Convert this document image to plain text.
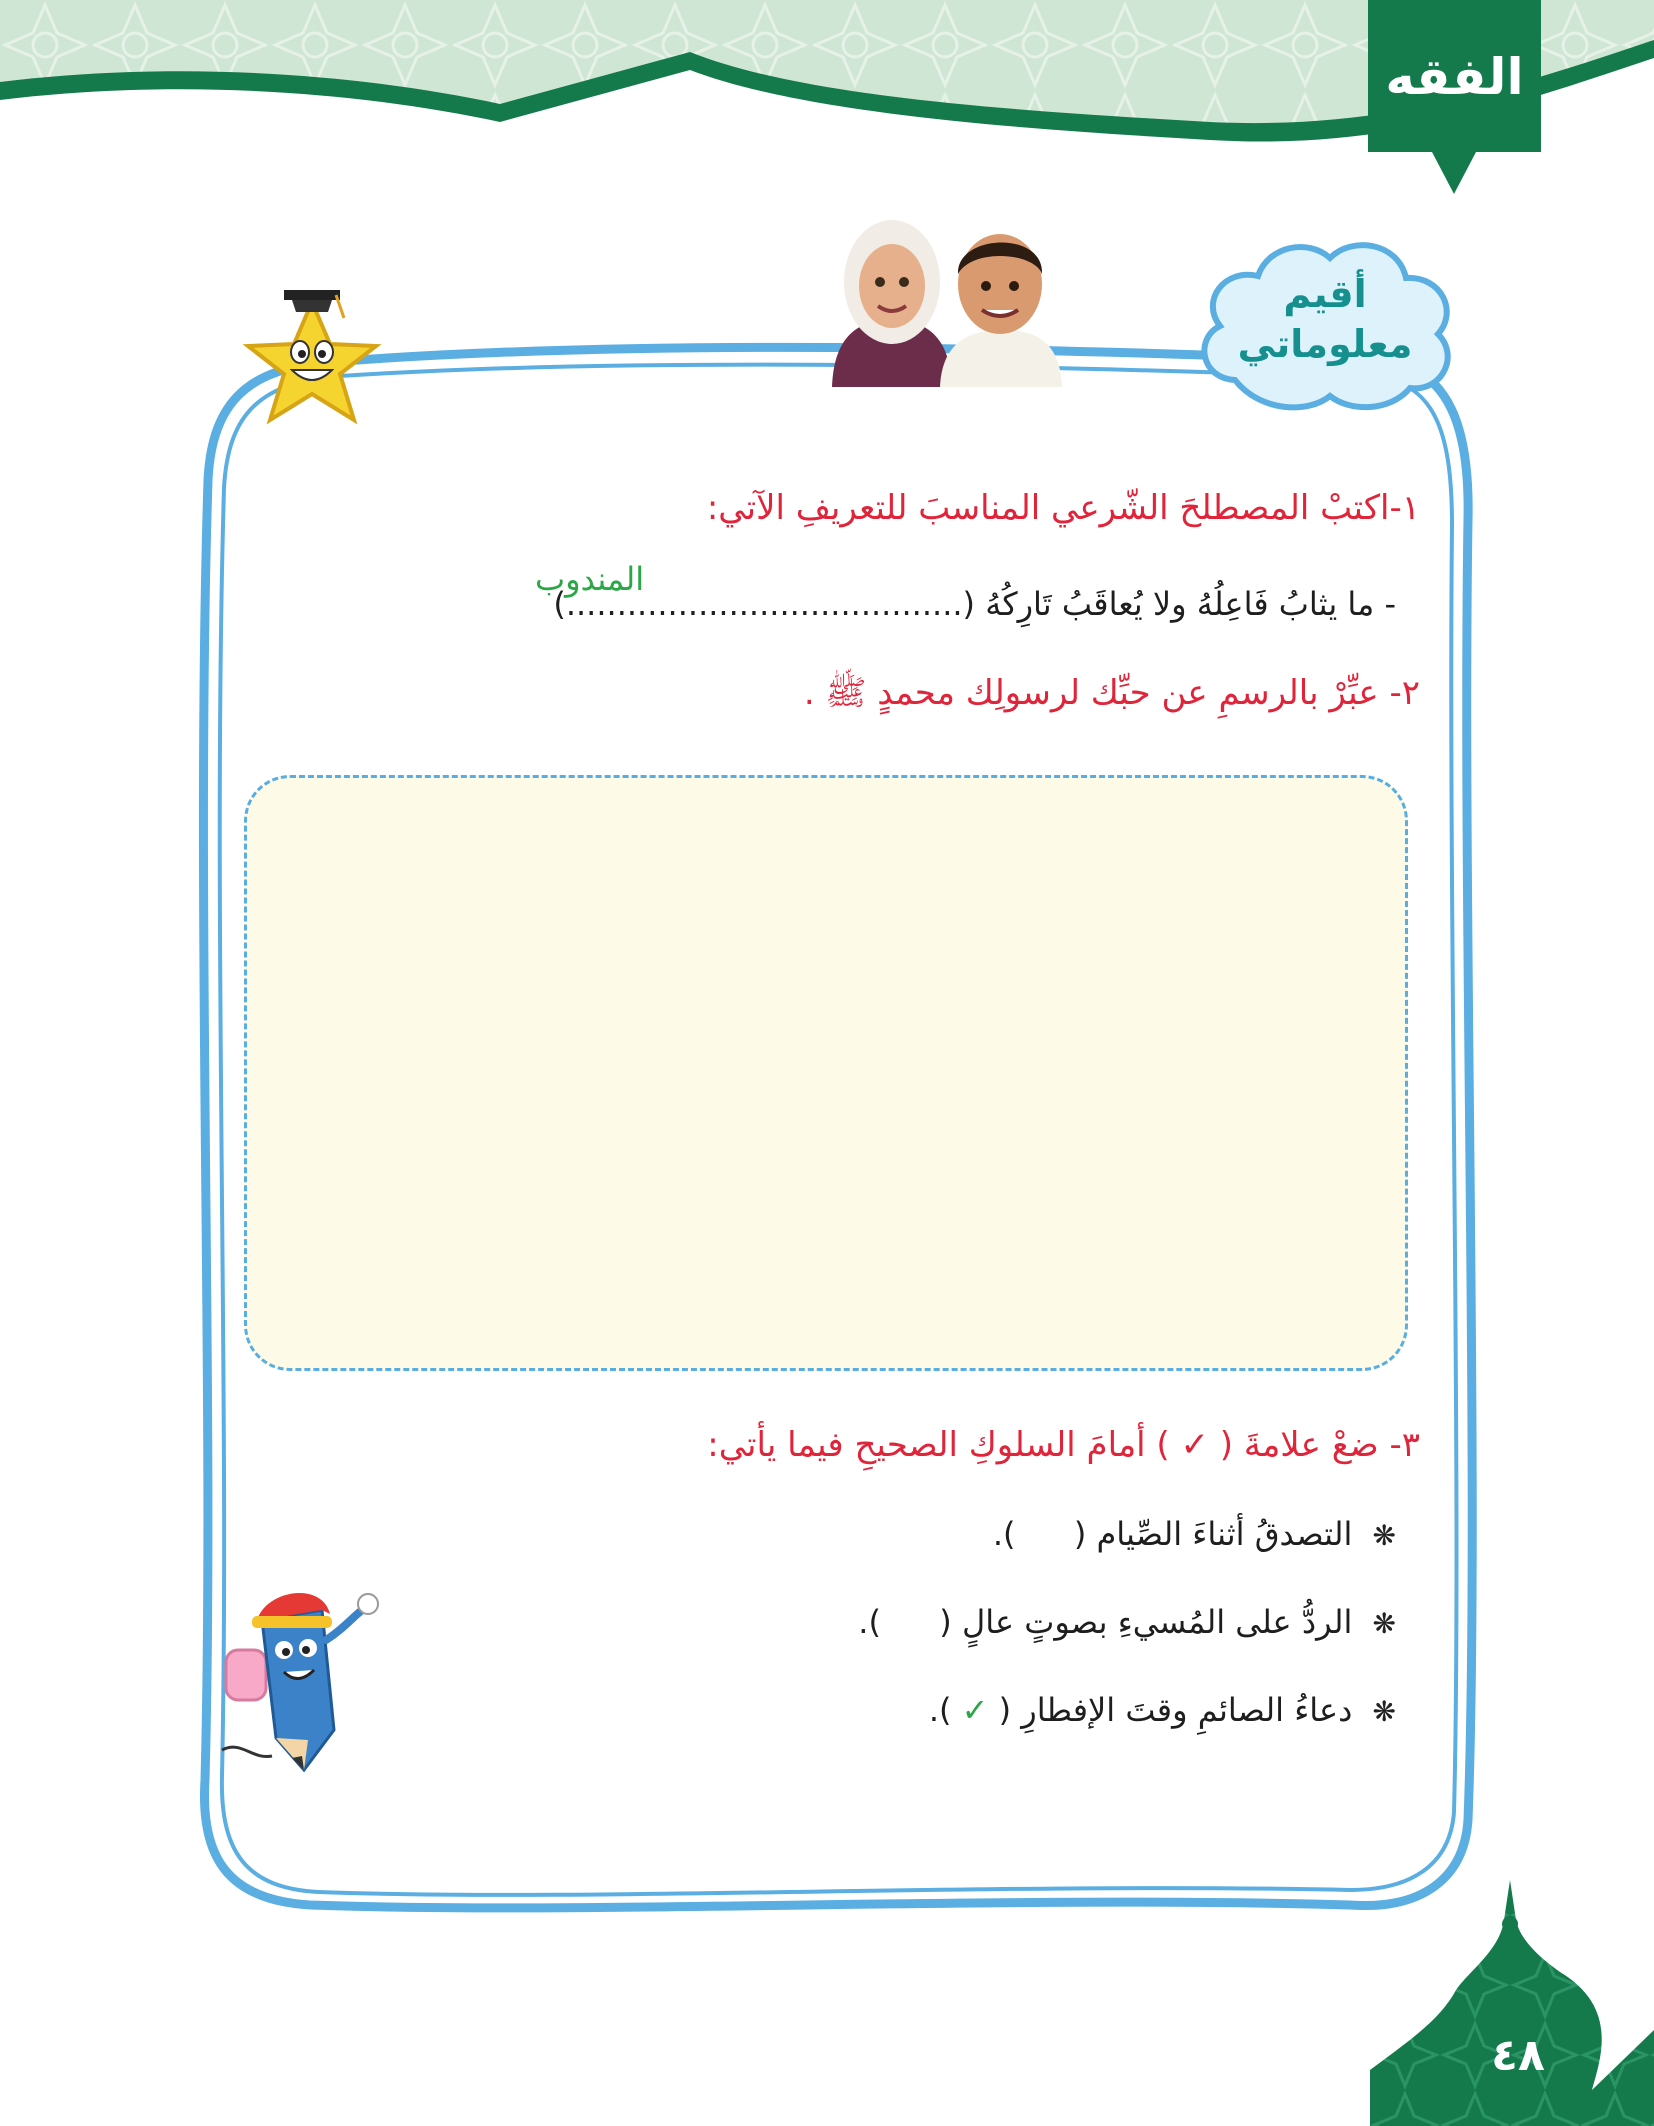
الفقه
أقيم
معلوماتي
١-اكتبْ المصطلحَ الشّرعي المناسبَ للتعريفِ الآتي:
المندوب
- ما يثابُ فَاعِلُهُ ولا يُعاقَبُ تَارِكُهُ (.......................................)
٢- عبِّرْ بالرسمِ عن حبِّك لرسولِك محمدٍ ﷺ .
٣- ضعْ علامةَ ( ✓ ) أمامَ السلوكِ الصحيحِ فيما يأتي:
❋ التصدقُ أثناءَ الصِّيام (  ).
❋ الردُّ على المُسيءِ بصوتٍ عالٍ (  ).
❋ دعاءُ الصائمِ وقتَ الإفطارِ ( ✓ ).
٤٨
